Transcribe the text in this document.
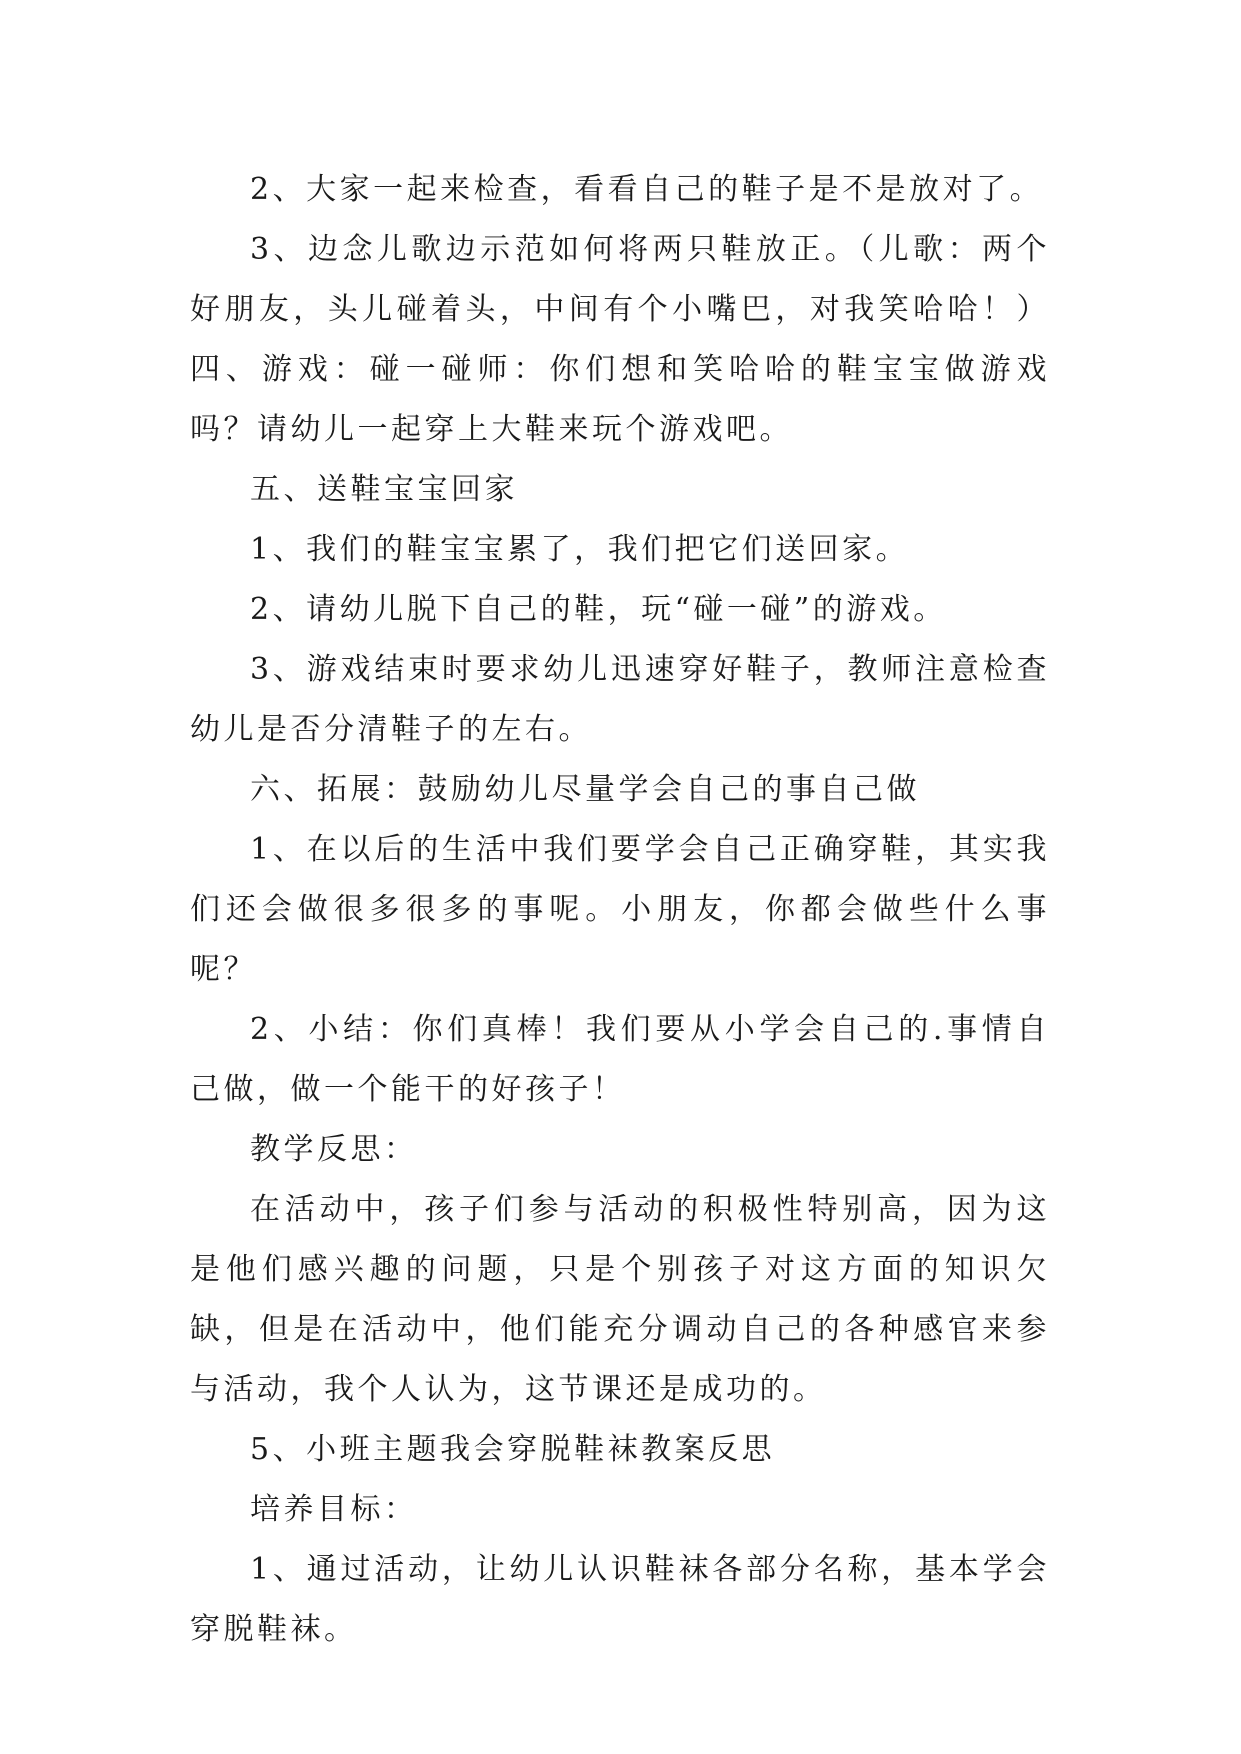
2、大家一起来检查，看看自己的鞋子是不是放对了。

3、边念儿歌边示范如何将两只鞋放正。（儿歌：两个好朋友，头儿碰着头，中间有个小嘴巴，对我笑哈哈！）四、游戏：碰一碰师：你们想和笑哈哈的鞋宝宝做游戏吗？请幼儿一起穿上大鞋来玩个游戏吧。

五、送鞋宝宝回家

1、我们的鞋宝宝累了，我们把它们送回家。

2、请幼儿脱下自己的鞋，玩“碰一碰”的游戏。

3、游戏结束时要求幼儿迅速穿好鞋子，教师注意检查幼儿是否分清鞋子的左右。

六、拓展：鼓励幼儿尽量学会自己的事自己做

1、在以后的生活中我们要学会自己正确穿鞋，其实我们还会做很多很多的事呢。小朋友，你都会做些什么事呢？

2、小结：你们真棒！我们要从小学会自己的.事情自己做，做一个能干的好孩子！

教学反思：

在活动中，孩子们参与活动的积极性特别高，因为这是他们感兴趣的问题，只是个别孩子对这方面的知识欠缺，但是在活动中，他们能充分调动自己的各种感官来参与活动，我个人认为，这节课还是成功的。

5、小班主题我会穿脱鞋袜教案反思

培养目标：

1、通过活动，让幼儿认识鞋袜各部分名称，基本学会穿脱鞋袜。
